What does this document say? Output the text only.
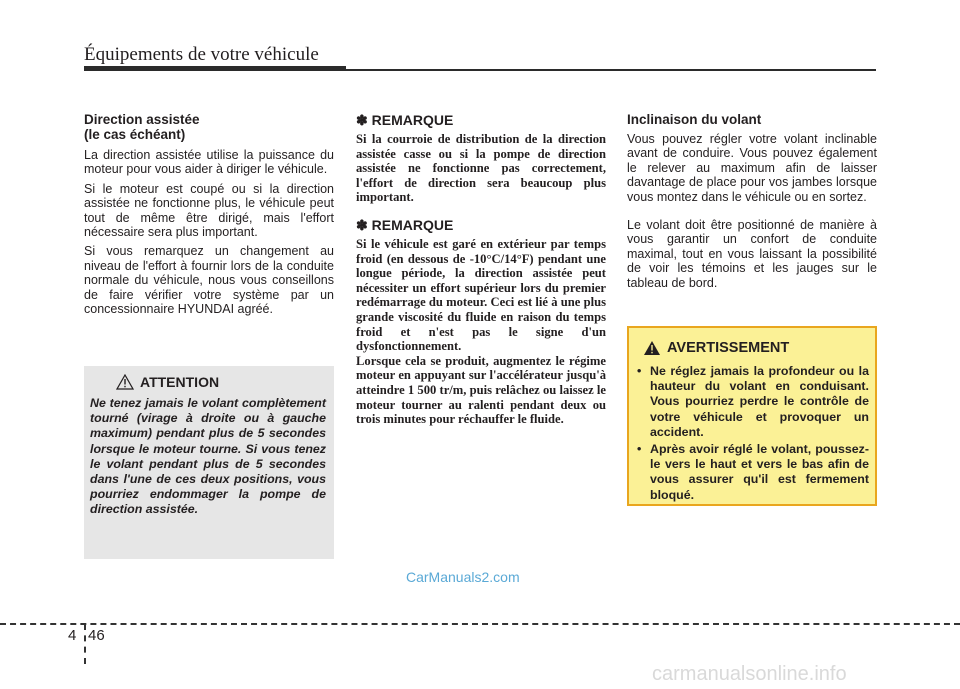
Équipements de votre véhicule
Direction assistée
(le cas échéant)

La direction assistée utilise la puissance du moteur pour vous aider à diriger le véhicule.

Si le moteur est coupé ou si la direction assistée ne fonctionne plus, le véhicule peut tout de même être dirigé, mais l'effort nécessaire sera plus important.

Si vous remarquez un changement au niveau de l'effort à fournir lors de la conduite normale du véhicule, nous vous conseillons de faire vérifier votre système par un concessionnaire HYUNDAI agréé.

ATTENTION
Ne tenez jamais le volant complètement tourné (virage à droite ou à gauche maximum) pendant plus de 5 secondes lorsque le moteur tourne. Si vous tenez le volant pendant plus de 5 secondes dans l'une de ces deux positions, vous pourriez endommager la pompe de direction assistée.
✽ REMARQUE

Si la courroie de distribution de la direction assistée casse ou si la pompe de direction assistée ne fonctionne pas correctement, l'effort de direction sera beaucoup plus important.

✽ REMARQUE

Si le véhicule est garé en extérieur par temps froid (en dessous de -10°C/14°F) pendant une longue période, la direction assistée peut nécessiter un effort supérieur lors du premier redémarrage du moteur. Ceci est lié à une plus grande viscosité du fluide en raison du temps froid et n'est pas le signe d'un dysfonctionnement.

Lorsque cela se produit, augmentez le régime moteur en appuyant sur l'accélérateur jusqu'à atteindre 1 500 tr/m, puis relâchez ou laissez le moteur tourner au ralenti pendant deux ou trois minutes pour réchauffer le fluide.

Inclinaison du volant

Vous pouvez régler votre volant inclinable avant de conduire. Vous pouvez également le relever au maximum afin de laisser davantage de place pour vos jambes lorsque vous montez dans le véhicule ou en sortez.

Le volant doit être positionné de manière à vous garantir un confort de conduite maximal, tout en vous laissant la possibilité de voir les témoins et les jauges sur le tableau de bord.

AVERTISSEMENT
• Ne réglez jamais la profondeur ou la hauteur du volant en conduisant. Vous pourriez perdre le contrôle de votre véhicule et provoquer un accident.
• Après avoir réglé le volant, poussez-le vers le haut et vers le bas afin de vous assurer qu'il est fermement bloqué.
CarManuals2.com
4 46
carmanualsonline.info
